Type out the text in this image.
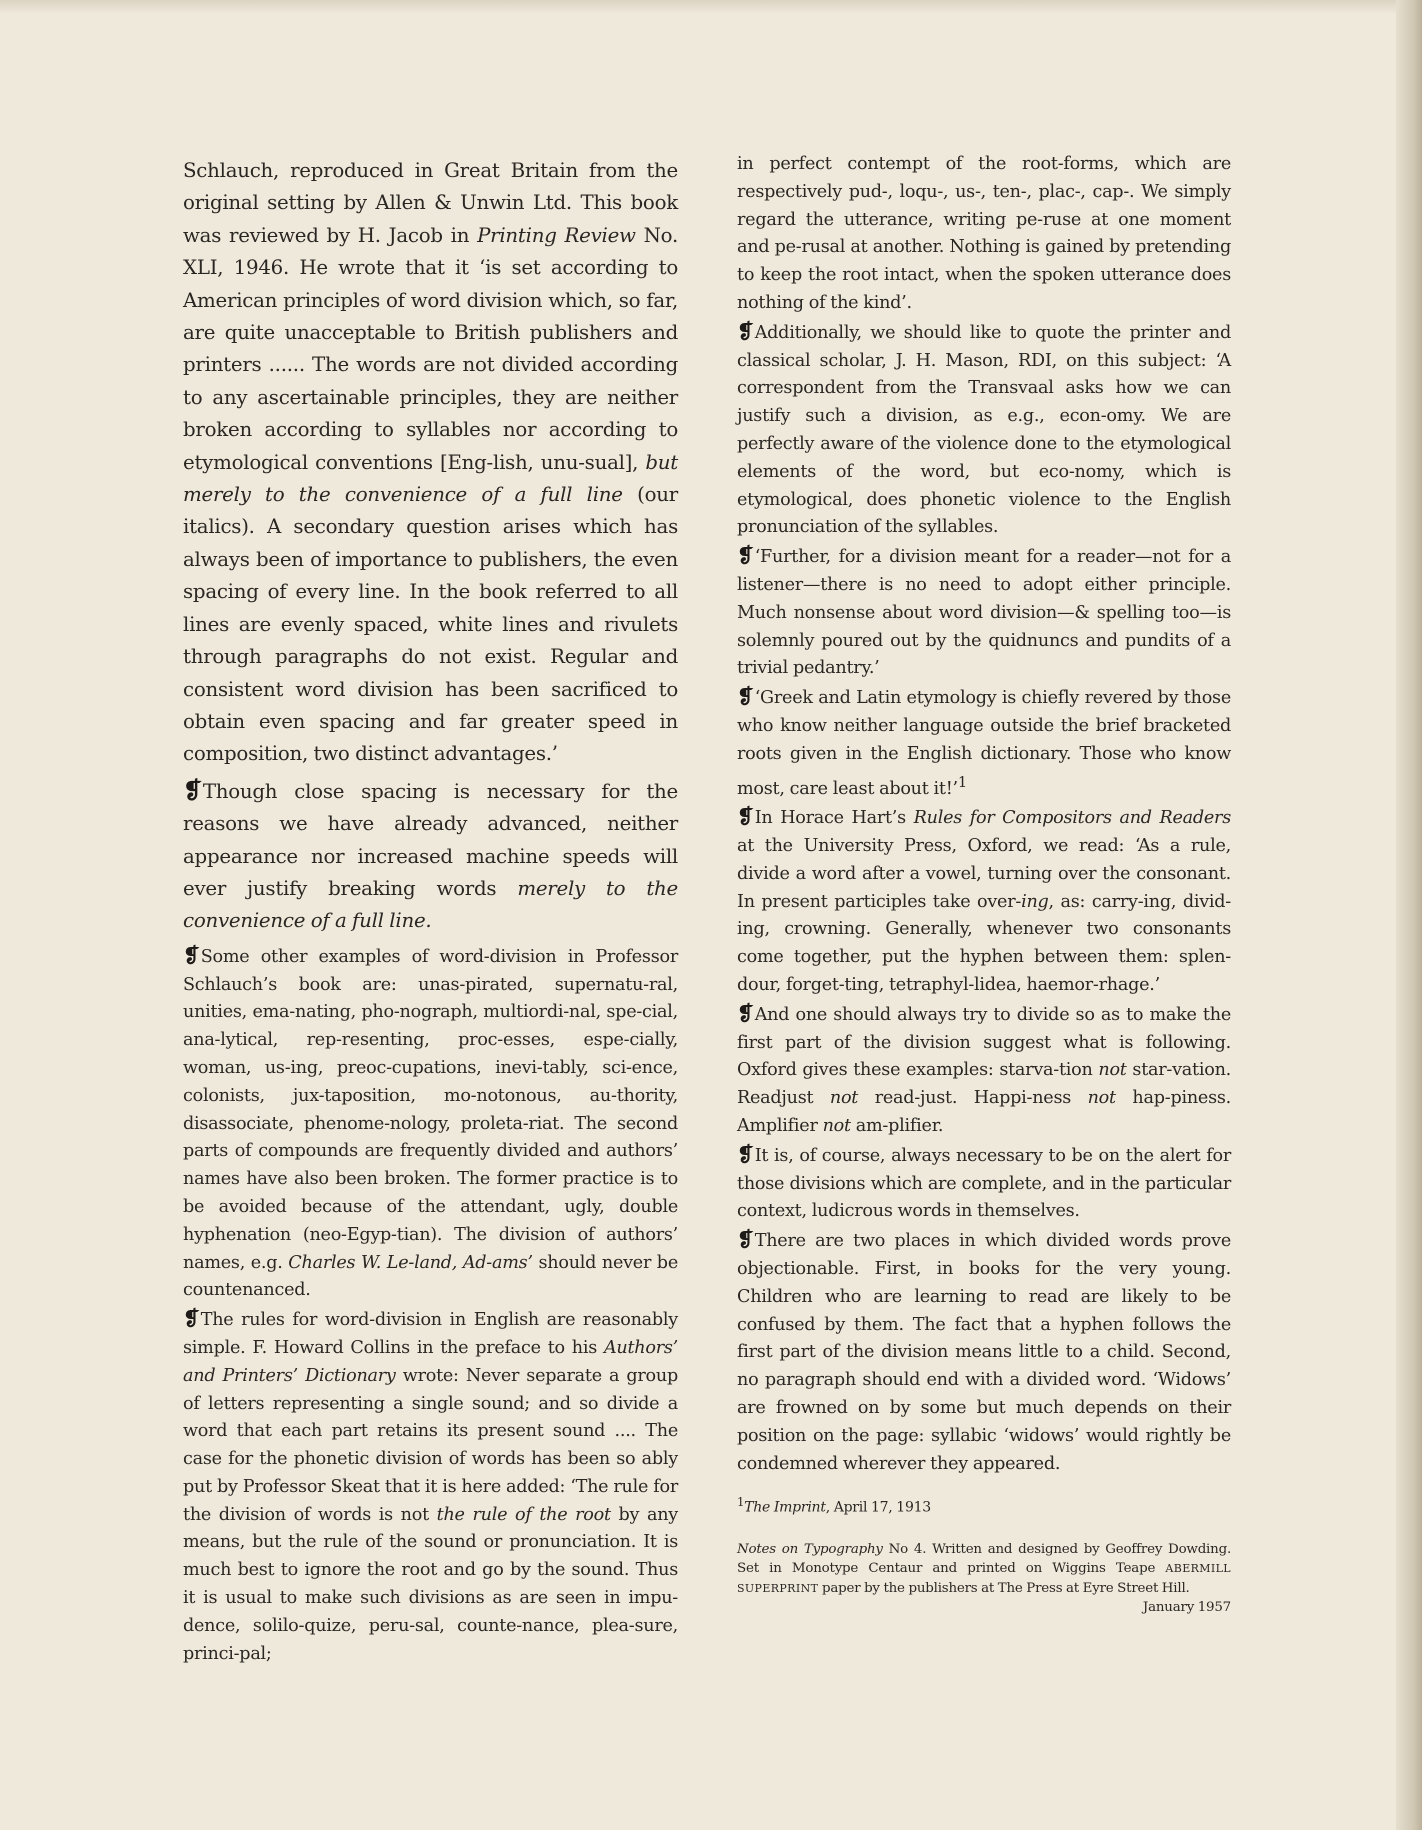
Schlauch, reproduced in Great Britain from the original setting by Allen & Unwin Ltd. This book was reviewed by H. Jacob in Printing Review No. XLI, 1946. He wrote that it ‘is set according to American principles of word division which, so far, are quite unacceptable to British publishers and printers ...... The words are not divided according to any ascertainable principles, they are neither broken according to syllables nor according to etymological conventions [Eng-lish, unu-sual], but merely to the convenience of a full line (our italics). A secondary question arises which has always been of importance to publishers, the even spacing of every line. In the book referred to all lines are evenly spaced, white lines and rivulets through paragraphs do not exist. Regular and consistent word division has been sacrificed to obtain even spacing and far greater speed in composition, two distinct advantages.’

❡Though close spacing is necessary for the reasons we have already advanced, neither appearance nor increased machine speeds will ever justify breaking words merely to the convenience of a full line.

❡Some other examples of word-division in Professor Schlauch’s book are: unas-pirated, supernatu-ral, unities, ema-nating, pho-nograph, multiordi-nal, spe-cial, ana-lytical, rep-resenting, proc-esses, espe-cially, woman, us-ing, preoc-cupations, inevi-tably, sci-ence, colonists, jux-taposition, mo-notonous, au-thority, disassociate, phenome-nology, proleta-riat. The second parts of compounds are frequently divided and authors’ names have also been broken. The former practice is to be avoided because of the attendant, ugly, double hyphenation (neo-Egyp-tian). The division of authors’ names, e.g. Charles W. Le-land, Ad-ams’ should never be countenanced.

❡The rules for word-division in English are reasonably simple. F. Howard Collins in the preface to his Authors’ and Printers’ Dictionary wrote: Never separate a group of letters representing a single sound; and so divide a word that each part retains its present sound .... The case for the phonetic division of words has been so ably put by Professor Skeat that it is here added: ‘The rule for the division of words is not the rule of the root by any means, but the rule of the sound or pronunciation. It is much best to ignore the root and go by the sound. Thus it is usual to make such divisions as are seen in impu-dence, solilo-quize, peru-sal, counte-nance, plea-sure, princi-pal;

in perfect contempt of the root-forms, which are respectively pud-, loqu-, us-, ten-, plac-, cap-. We simply regard the utterance, writing pe-ruse at one moment and pe-rusal at another. Nothing is gained by pretending to keep the root intact, when the spoken utterance does nothing of the kind’.

❡Additionally, we should like to quote the printer and classical scholar, J. H. Mason, RDI, on this subject: ‘A correspondent from the Transvaal asks how we can justify such a division, as e.g., econ-omy. We are perfectly aware of the violence done to the etymological elements of the word, but eco-nomy, which is etymological, does phonetic violence to the English pronunciation of the syllables.

❡‘Further, for a division meant for a reader—not for a listener—there is no need to adopt either principle. Much nonsense about word division—& spelling too—is solemnly poured out by the quidnuncs and pundits of a trivial pedantry.’

❡‘Greek and Latin etymology is chiefly revered by those who know neither language outside the brief bracketed roots given in the English dictionary. Those who know most, care least about it!’$^1$

❡In Horace Hart’s Rules for Compositors and Readers at the University Press, Oxford, we read: ‘As a rule, divide a word after a vowel, turning over the consonant. In present participles take over-ing, as: carry-ing, divid-ing, crowning. Generally, whenever two consonants come together, put the hyphen between them: splen-dour, forget-ting, tetraphyl-lidea, haemor-rhage.’

❡And one should always try to divide so as to make the first part of the division suggest what is following. Oxford gives these examples: starva-tion not star-vation. Readjust not read-just. Happi-ness not hap-piness. Amplifier not am-plifier.

❡It is, of course, always necessary to be on the alert for those divisions which are complete, and in the particular context, ludicrous words in themselves.

❡There are two places in which divided words prove objectionable. First, in books for the very young. Children who are learning to read are likely to be confused by them. The fact that a hyphen follows the first part of the division means little to a child. Second, no paragraph should end with a divided word. ‘Widows’ are frowned on by some but much depends on their position on the page: syllabic ‘widows’ would rightly be condemned wherever they appeared.

$^1$The Imprint, April 17, 1913

Notes on Typography No 4. Written and designed by Geoffrey Dowding. Set in Monotype Centaur and printed on Wiggins Teape ABERMILL SUPERPRINT paper by the publishers at The Press at Eyre Street Hill.
January 1957
